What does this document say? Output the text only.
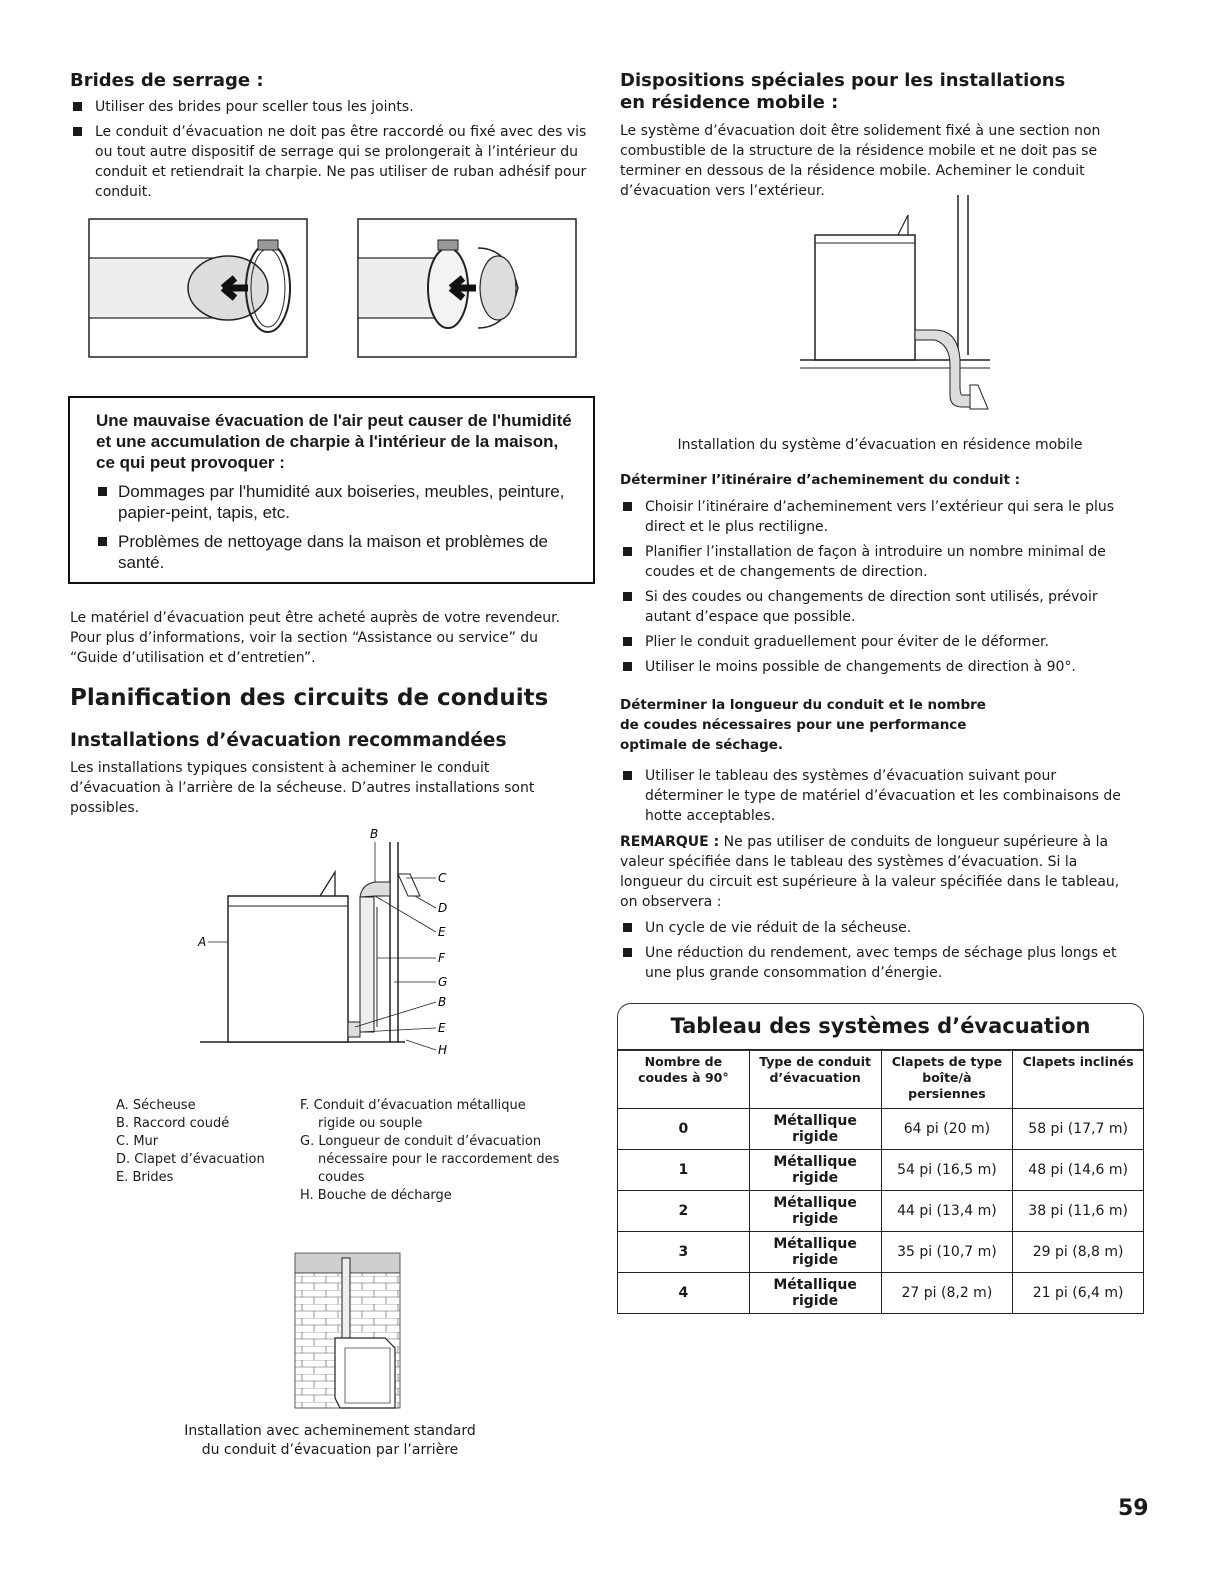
Brides de serrage :
Utiliser des brides pour sceller tous les joints.
Le conduit d’évacuation ne doit pas être raccordé ou fixé avec des vis ou tout autre dispositif de serrage qui se prolongerait à l’intérieur du conduit et retiendrait la charpie. Ne pas utiliser de ruban adhésif pour conduit.
Une mauvaise évacuation de l'air peut causer de l'humidité et une accumulation de charpie à l'intérieur de la maison, ce qui peut provoquer :
Dommages par l'humidité aux boiseries, meubles, peinture, papier-peint, tapis, etc.
Problèmes de nettoyage dans la maison et problèmes de santé.

Le matériel d’évacuation peut être acheté auprès de votre revendeur. Pour plus d’informations, voir la section “Assistance ou service” du “Guide d’utilisation et d’entretien”.

Planification des circuits de conduits
Installations d’évacuation recommandées

Les installations typiques consistent à acheminer le conduit d’évacuation à l’arrière de la sécheuse. D’autres installations sont possibles.

B
A
C
D
E
F
G
B
E
H
A. Sécheuse
B. Raccord coudé
C. Mur
D. Clapet d’évacuation
E. Brides
F. Conduit d’évacuation métallique rigide ou souple
G. Longueur de conduit d’évacuation nécessaire pour le raccordement des coudes
H. Bouche de décharge
Installation avec acheminement standard
du conduit d’évacuation par l’arrière
Dispositions spéciales pour les installations
en résidence mobile :

Le système d’évacuation doit être solidement fixé à une section non combustible de la structure de la résidence mobile et ne doit pas se terminer en dessous de la résidence mobile. Acheminer le conduit d’évacuation vers l’extérieur.

Installation du système d’évacuation en résidence mobile
Déterminer l’itinéraire d’acheminement du conduit :
Choisir l’itinéraire d’acheminement vers l’extérieur qui sera le plus direct et le plus rectiligne.
Planifier l’installation de façon à introduire un nombre minimal de coudes et de changements de direction.
Si des coudes ou changements de direction sont utilisés, prévoir autant d’espace que possible.
Plier le conduit graduellement pour éviter de le déformer.
Utiliser le moins possible de changements de direction à 90°.
Déterminer la longueur du conduit et le nombre
de coudes nécessaires pour une performance
optimale de séchage.
Utiliser le tableau des systèmes d’évacuation suivant pour déterminer le type de matériel d’évacuation et les combinaisons de hotte acceptables.

REMARQUE : Ne pas utiliser de conduits de longueur supérieure à la valeur spécifiée dans le tableau des systèmes d’évacuation. Si la longueur du circuit est supérieure à la valeur spécifiée dans le tableau, on observera :

Un cycle de vie réduit de la sécheuse.
Une réduction du rendement, avec temps de séchage plus longs et une plus grande consommation d’énergie.
Tableau des systèmes d’évacuation
Nombre de coudes à 90°	Type de conduit d’évacuation	Clapets de type boîte/à persiennes	Clapets inclinés
0	Métallique rigide	64 pi (20 m)	58 pi (17,7 m)
1	Métallique rigide	54 pi (16,5 m)	48 pi (14,6 m)
2	Métallique rigide	44 pi (13,4 m)	38 pi (11,6 m)
3	Métallique rigide	35 pi (10,7 m)	29 pi (8,8 m)
4	Métallique rigide	27 pi (8,2 m)	21 pi (6,4 m)
59
